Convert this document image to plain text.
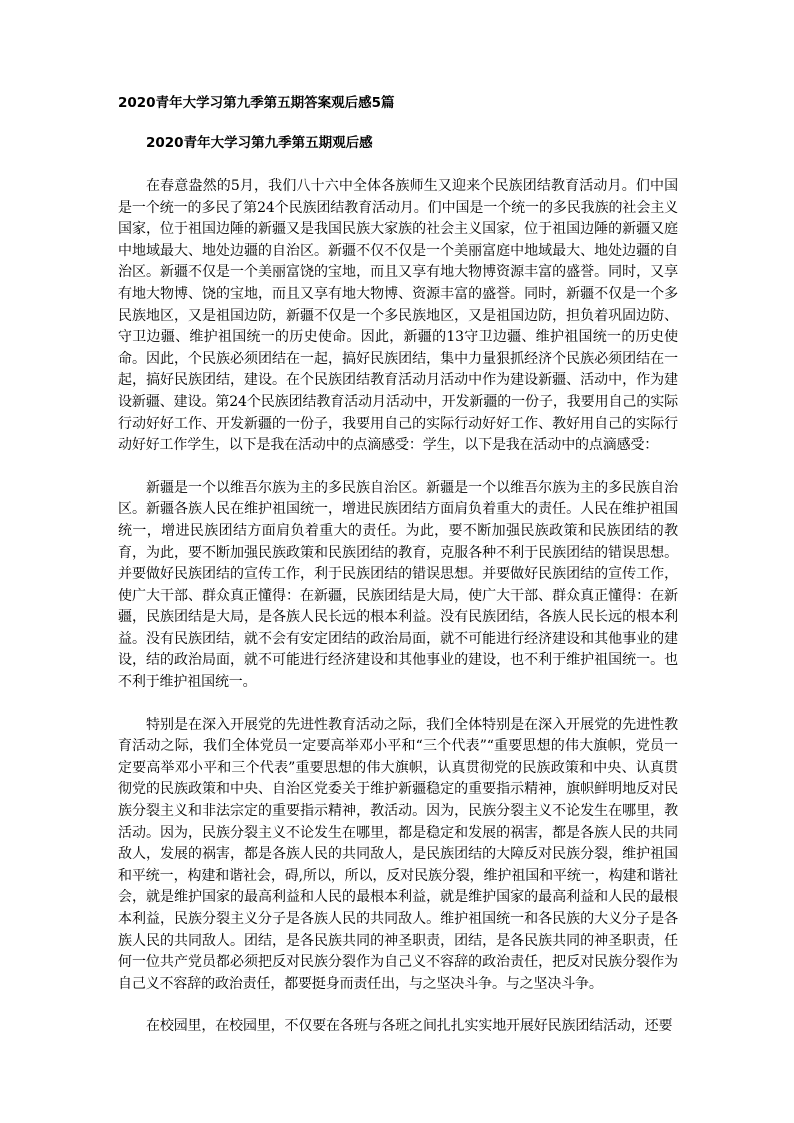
2020青年大学习第九季第五期答案观后感5篇
2020青年大学习第九季第五期观后感

在春意盎然的5月，我们八十六中全体各族师生又迎来个民族团结教育活动月。们中国是一个统一的多民了第24个民族团结教育活动月。们中国是一个统一的多民我族的社会主义国家，位于祖国边陲的新疆又是我国民族大家族的社会主义国家，位于祖国边陲的新疆又庭中地域最大、地处边疆的自治区。新疆不仅不仅是一个美丽富庭中地域最大、地处边疆的自治区。新疆不仅是一个美丽富饶的宝地，而且又享有地大物博资源丰富的盛誉。同时，又享有地大物博、饶的宝地，而且又享有地大物博、资源丰富的盛誉。同时，新疆不仅是一个多民族地区，又是祖国边防，新疆不仅是一个多民族地区，又是祖国边防，担负着巩固边防、守卫边疆、维护祖国统一的历史使命。因此，新疆的13守卫边疆、维护祖国统一的历史使命。因此，个民族必须团结在一起，搞好民族团结，集中力量狠抓经济个民族必须团结在一起，搞好民族团结，建设。在个民族团结教育活动月活动中作为建设新疆、活动中，作为建设新疆、建设。第24个民族团结教育活动月活动中，开发新疆的一份子，我要用自己的实际行动好好工作、开发新疆的一份子，我要用自己的实际行动好好工作、教好用自己的实际行动好好工作学生，以下是我在活动中的点滴感受：学生，以下是我在活动中的点滴感受：

新疆是一个以维吾尔族为主的多民族自治区。新疆是一个以维吾尔族为主的多民族自治区。新疆各族人民在维护祖国统一，增进民族团结方面肩负着重大的责任。人民在维护祖国统一，增进民族团结方面肩负着重大的责任。为此，要不断加强民族政策和民族团结的教育，为此，要不断加强民族政策和民族团结的教育，克服各种不利于民族团结的错误思想。并要做好民族团结的宣传工作，利于民族团结的错误思想。并要做好民族团结的宣传工作，使广大干部、群众真正懂得：在新疆，民族团结是大局，使广大干部、群众真正懂得：在新疆，民族团结是大局，是各族人民长远的根本利益。没有民族团结，各族人民长远的根本利益。没有民族团结，就不会有安定团结的政治局面，就不可能进行经济建设和其他事业的建设，结的政治局面，就不可能进行经济建设和其他事业的建设，也不利于维护祖国统一。也不利于维护祖国统一。

特别是在深入开展党的先进性教育活动之际，我们全体特别是在深入开展党的先进性教育活动之际，我们全体党员一定要高举邓小平和“三个代表”“重要思想的伟大旗帜，党员一定要高举邓小平和三个代表”重要思想的伟大旗帜，认真贯彻党的民族政策和中央、认真贯彻党的民族政策和中央、自治区党委关于维护新疆稳定的重要指示精神，旗帜鲜明地反对民族分裂主义和非法宗定的重要指示精神，教活动。因为，民族分裂主义不论发生在哪里，教活动。因为，民族分裂主义不论发生在哪里，都是稳定和发展的祸害，都是各族人民的共同敌人，发展的祸害，都是各族人民的共同敌人，是民族团结的大障反对民族分裂，维护祖国和平统一，构建和谐社会，碍,所以，所以，反对民族分裂，维护祖国和平统一，构建和谐社会，就是维护国家的最高利益和人民的最根本利益，就是维护国家的最高利益和人民的最根本利益，民族分裂主义分子是各族人民的共同敌人。维护祖国统一和各民族的大义分子是各族人民的共同敌人。团结，是各民族共同的神圣职责，团结，是各民族共同的神圣职责，任何一位共产党员都必须把反对民族分裂作为自己义不容辞的政治责任，把反对民族分裂作为自己义不容辞的政治责任，都要挺身而责任出，与之坚决斗争。与之坚决斗争。

在校园里，在校园里，不仅要在各班与各班之间扎扎实实地开展好民族团结活动，还要
